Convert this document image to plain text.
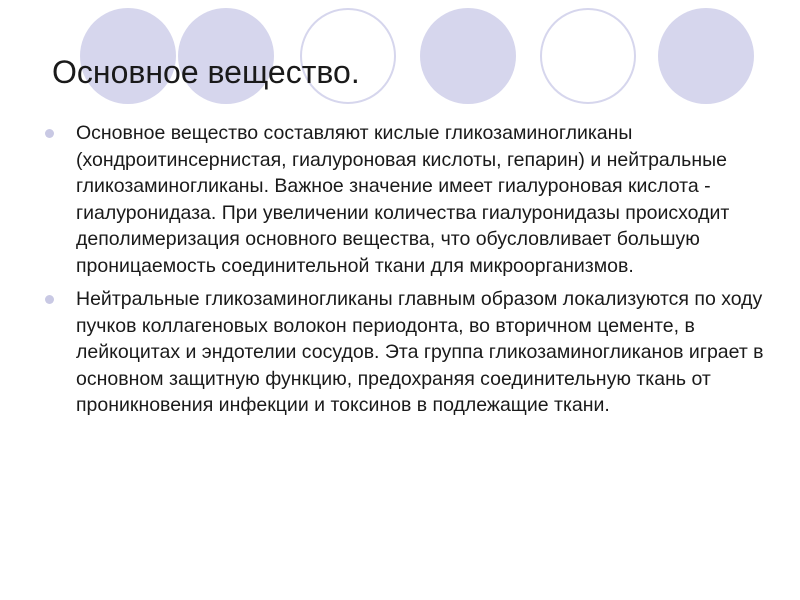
Основное вещество.
Основное вещество составляют кислые гликозаминогликаны (хондроитинсернистая, гиалуроновая кислоты, гепарин) и нейтральные гликозаминогликаны. Важное значение имеет гиалуроновая кислота - гиалуронидаза. При увеличении количества гиалуронидазы происходит деполимеризация основного вещества, что обусловливает большую проницаемость соединительной ткани для микроорганизмов.
Нейтральные гликозаминогликаны главным образом локализуются по ходу пучков коллагеновых волокон периодонта, во вторичном цементе, в лейкоцитах и эндотелии сосудов. Эта группа гликозаминогликанов играет в основном защитную функцию, предохраняя соединительную ткань от проникновения инфекции и токсинов в подлежащие ткани.
